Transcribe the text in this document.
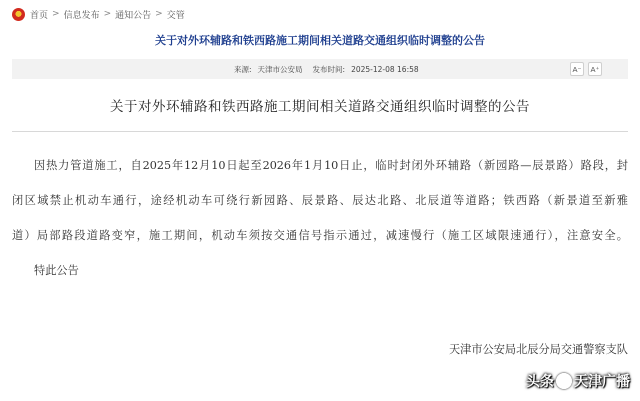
首页 > 信息发布 > 通知公告 > 交管
关于对外环辅路和铁西路施工期间相关道路交通组织临时调整的公告
来源: 天津市公安局 发布时间: 2025-12-08 16:58	A⁻	A⁺
关于对外环辅路和铁西路施工期间相关道路交通组织临时调整的公告
因热力管道施工，自2025年12月10日起至2026年1月10日止，临时封闭外环辅路（新园路—辰景路）路段，封
闭区域禁止机动车通行，途经机动车可绕行新园路、辰景路、辰达北路、北辰道等道路；铁西路（新景道至新雅
道）局部路段道路变窄，施工期间，机动车须按交通信号指示通过，减速慢行（施工区域限速通行），注意安全。
特此公告
天津市公安局北辰分局交通警察支队
头条 天津广播
